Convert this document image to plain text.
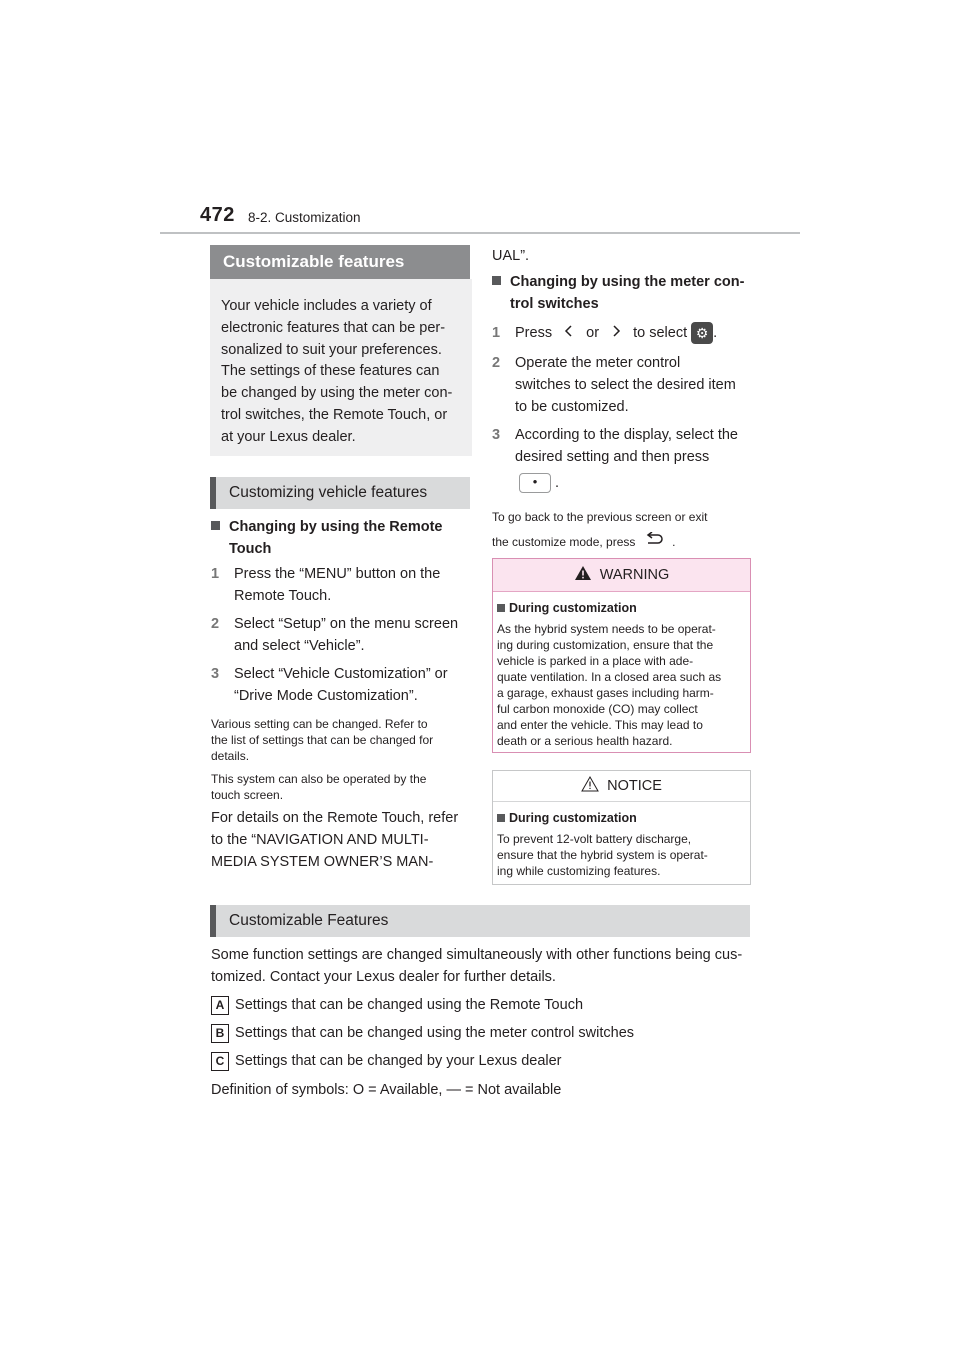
472 8-2. Customization
Customizable features
Your vehicle includes a variety of
electronic features that can be per-
sonalized to suit your preferences.
The settings of these features can
be changed by using the meter con-
trol switches, the Remote Touch, or
at your Lexus dealer.
Customizing vehicle features
Changing by using the Remote
Touch
1	Press the “MENU” button on the
Remote Touch.
2	Select “Setup” on the menu screen
and select “Vehicle”.
3	Select “Vehicle Customization” or
“Drive Mode Customization”.
Various setting can be changed. Refer to
the list of settings that can be changed for
details.
This system can also be operated by the
touch screen.
For details on the Remote Touch, refer
to the “NAVIGATION AND MULTI-
MEDIA SYSTEM OWNER’S MAN-
UAL”.
Changing by using the meter con-
trol switches
1	Press or to select ⚙ .
2	Operate the meter control
switches to select the desired item
to be customized.
3	According to the display, select the
desired setting and then press
• .
To go back to the previous screen or exit
the customize mode, press	.
WARNING
During customization
As the hybrid system needs to be operat-
ing during customization, ensure that the
vehicle is parked in a place with ade-
quate ventilation. In a closed area such as
a garage, exhaust gases including harm-
ful carbon monoxide (CO) may collect
and enter the vehicle. This may lead to
death or a serious health hazard.
NOTICE
During customization
To prevent 12-volt battery discharge,
ensure that the hybrid system is operat-
ing while customizing features.
Customizable Features
Some function settings are changed simultaneously with other functions being cus-
tomized. Contact your Lexus dealer for further details.
A Settings that can be changed using the Remote Touch
B Settings that can be changed using the meter control switches
C Settings that can be changed by your Lexus dealer
Definition of symbols: O = Available, — = Not available
